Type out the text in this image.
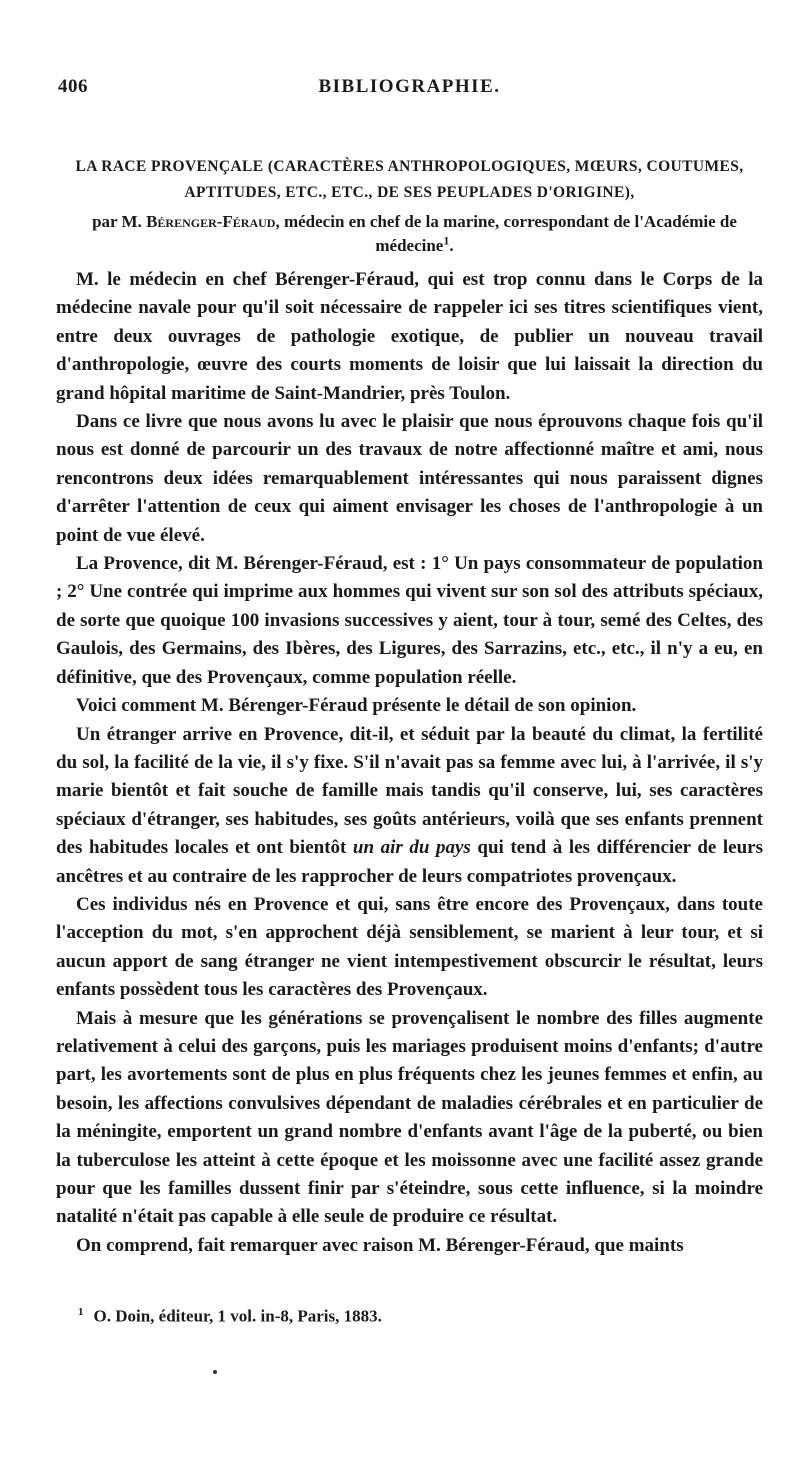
406	BIBLIOGRAPHIE.
LA RACE PROVENÇALE (CARACTÈRES ANTHROPOLOGIQUES, MŒURS, COUTUMES, APTITUDES, ETC., ETC., DE SES PEUPLADES D'ORIGINE),
par M. Bérenger-Féraud, médecin en chef de la marine, correspondant de l'Académie de médecine$^1$.

M. le médecin en chef Bérenger-Féraud, qui est trop connu dans le Corps de la médecine navale pour qu'il soit nécessaire de rappeler ici ses titres scientifiques vient, entre deux ouvrages de pathologie exotique, de publier un nouveau travail d'anthropologie, œuvre des courts moments de loisir que lui laissait la direction du grand hôpital maritime de Saint-Mandrier, près Toulon.

Dans ce livre que nous avons lu avec le plaisir que nous éprouvons chaque fois qu'il nous est donné de parcourir un des travaux de notre affectionné maître et ami, nous rencontrons deux idées remarquablement intéressantes qui nous paraissent dignes d'arrêter l'attention de ceux qui aiment envisager les choses de l'anthropologie à un point de vue élevé.

La Provence, dit M. Bérenger-Féraud, est : 1° Un pays consommateur de population ; 2° Une contrée qui imprime aux hommes qui vivent sur son sol des attributs spéciaux, de sorte que quoique 100 invasions successives y aient, tour à tour, semé des Celtes, des Gaulois, des Germains, des Ibères, des Ligures, des Sarrazins, etc., etc., il n'y a eu, en définitive, que des Provençaux, comme population réelle.

Voici comment M. Bérenger-Féraud présente le détail de son opinion.

Un étranger arrive en Provence, dit-il, et séduit par la beauté du climat, la fertilité du sol, la facilité de la vie, il s'y fixe. S'il n'avait pas sa femme avec lui, à l'arrivée, il s'y marie bientôt et fait souche de famille mais tandis qu'il conserve, lui, ses caractères spéciaux d'étranger, ses habitudes, ses goûts antérieurs, voilà que ses enfants prennent des habitudes locales et ont bientôt un air du pays qui tend à les différencier de leurs ancêtres et au contraire de les rapprocher de leurs compatriotes provençaux.

Ces individus nés en Provence et qui, sans être encore des Provençaux, dans toute l'acception du mot, s'en approchent déjà sensiblement, se marient à leur tour, et si aucun apport de sang étranger ne vient intempestivement obscurcir le résultat, leurs enfants possèdent tous les caractères des Provençaux.

Mais à mesure que les générations se provençalisent le nombre des filles augmente relativement à celui des garçons, puis les mariages produisent moins d'enfants; d'autre part, les avortements sont de plus en plus fréquents chez les jeunes femmes et enfin, au besoin, les affections convulsives dépendant de maladies cérébrales et en particulier de la méningite, emportent un grand nombre d'enfants avant l'âge de la puberté, ou bien la tuberculose les atteint à cette époque et les moissonne avec une facilité assez grande pour que les familles dussent finir par s'éteindre, sous cette influence, si la moindre natalité n'était pas capable à elle seule de produire ce résultat.

On comprend, fait remarquer avec raison M. Bérenger-Féraud, que maints

$^1$ O. Doin, éditeur, 1 vol. in-8, Paris, 1883.
